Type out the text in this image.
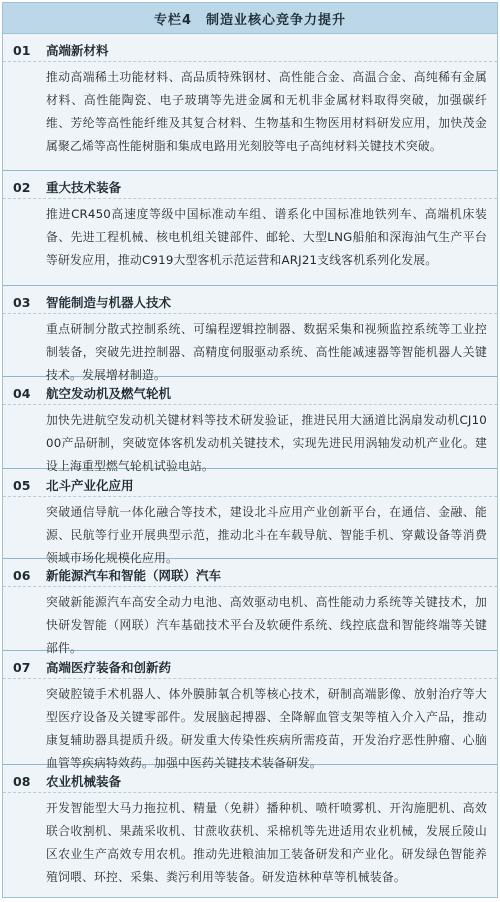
专栏4　制造业核心竞争力提升
01	高端新材料
推动高端稀土功能材料、高品质特殊钢材、高性能合金、高温合金、高纯稀有金属材料、高性能陶瓷、电子玻璃等先进金属和无机非金属材料取得突破，加强碳纤维、芳纶等高性能纤维及其复合材料、生物基和生物医用材料研发应用，加快茂金属聚乙烯等高性能树脂和集成电路用光刻胶等电子高纯材料关键技术突破。
02	重大技术装备
推进CR450高速度等级中国标准动车组、谱系化中国标准地铁列车、高端机床装备、先进工程机械、核电机组关键部件、邮轮、大型LNG船舶和深海油气生产平台等研发应用，推动C919大型客机示范运营和ARJ21支线客机系列化发展。
03	智能制造与机器人技术
重点研制分散式控制系统、可编程逻辑控制器、数据采集和视频监控系统等工业控制装备，突破先进控制器、高精度伺服驱动系统、高性能减速器等智能机器人关键技术。发展增材制造。
04	航空发动机及燃气轮机
加快先进航空发动机关键材料等技术研发验证，推进民用大涵道比涡扇发动机CJ1000产品研制，突破宽体客机发动机关键技术，实现先进民用涡轴发动机产业化。建设上海重型燃气轮机试验电站。
05	北斗产业化应用
突破通信导航一体化融合等技术，建设北斗应用产业创新平台，在通信、金融、能源、民航等行业开展典型示范，推动北斗在车载导航、智能手机、穿戴设备等消费领域市场化规模化应用。
06	新能源汽车和智能（网联）汽车
突破新能源汽车高安全动力电池、高效驱动电机、高性能动力系统等关键技术，加快研发智能（网联）汽车基础技术平台及软硬件系统、线控底盘和智能终端等关键部件。
07	高端医疗装备和创新药
突破腔镜手术机器人、体外膜肺氧合机等核心技术，研制高端影像、放射治疗等大型医疗设备及关键零部件。发展脑起搏器、全降解血管支架等植入介入产品，推动康复辅助器具提质升级。研发重大传染性疾病所需疫苗，开发治疗恶性肿瘤、心脑血管等疾病特效药。加强中医药关键技术装备研发。
08	农业机械装备
开发智能型大马力拖拉机、精量（免耕）播种机、喷杆喷雾机、开沟施肥机、高效联合收割机、果蔬采收机、甘蔗收获机、采棉机等先进适用农业机械，发展丘陵山区农业生产高效专用农机。推动先进粮油加工装备研发和产业化。研发绿色智能养殖饲喂、环控、采集、粪污利用等装备。研发造林种草等机械装备。
